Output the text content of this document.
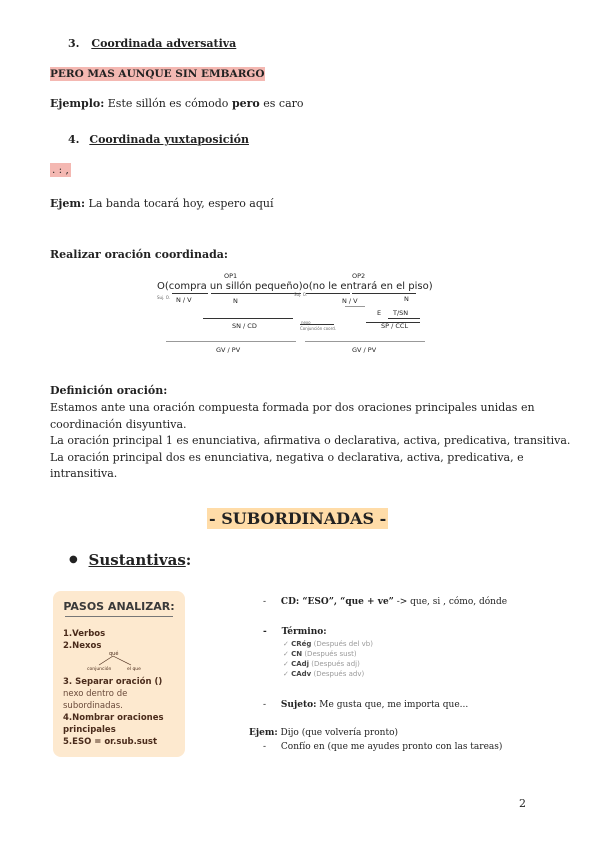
3. Coordinada adversativa
PERO MAS AUNQUE SIN EMBARGO
Ejemplo: Este sillón es cómodo pero es caro
4. Coordinada yuxtaposición
. : ,
Ejem: La banda tocará hoy, espero aquí
Realizar oración coordinada:
OP1	OP2
O(compra un sillón pequeño)o(no le entrará en el piso)
Suj. O. N / V	N
Suj. O.
N / V	N
E T/SN
SN / CD	nexo
Conjunción coord.	SP / CCL
GV / PV	GV / PV
Definición oración:
Estamos ante una oración compuesta formada por dos oraciones principales unidas en
coordinación disyuntiva.
La oración principal 1 es enunciativa, afirmativa o declarativa, activa, predicativa, transitiva.
La oración principal dos es enunciativa, negativa o declarativa, activa, predicativa, e
intransitiva.
- SUBORDINADAS -
● Sustantivas:
PASOS ANALIZAR:
1.Verbos
2.Nexos
qué
conjunción	el que
3. Separar oración ()
nexo dentro de
subordinadas.
4.Nombrar oraciones
principales
5.ESO = or.sub.sust
- CD: “ESO”, “que + ve” -> que, si , cómo, dónde
- Término:
✓ CRég (Después del vb)
✓ CN (Después sust)
✓ CAdj (Después adj)
✓ CAdv (Después adv)
- Sujeto: Me gusta que, me importa que...
Ejem: Dijo (que volvería pronto)
- Confío en (que me ayudes pronto con las tareas)
2
